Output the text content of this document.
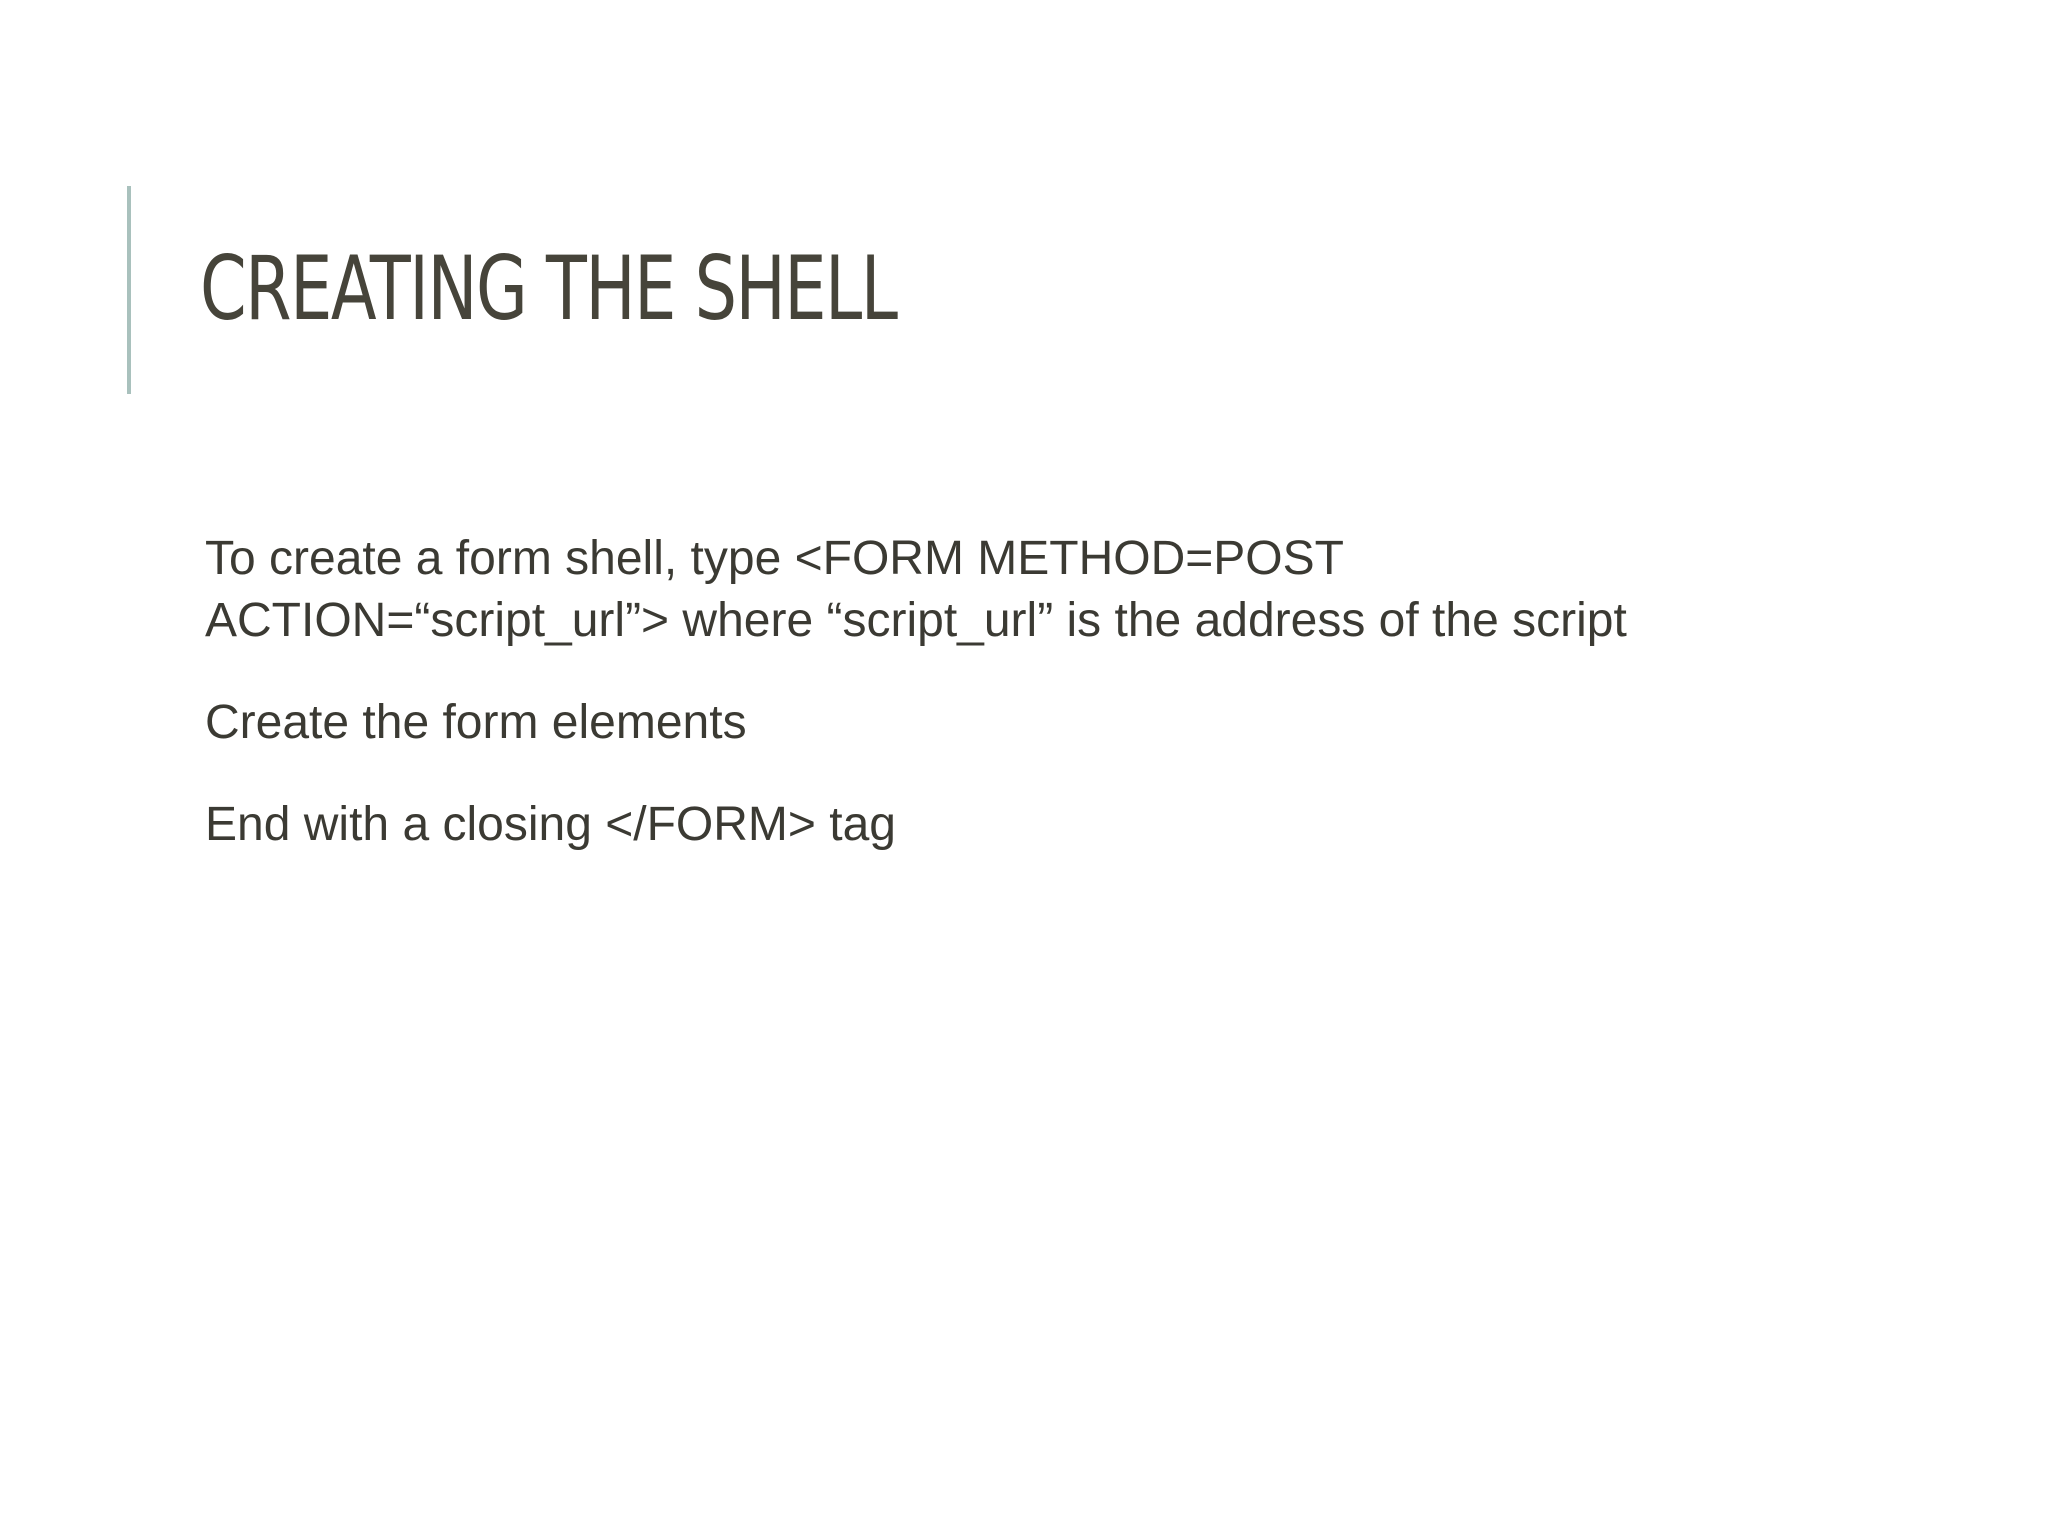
CREATING THE SHELL

To create a form shell, type <FORM METHOD=POST
ACTION=“script_url”> where “script_url” is the address of the script

Create the form elements

End with a closing </FORM> tag
